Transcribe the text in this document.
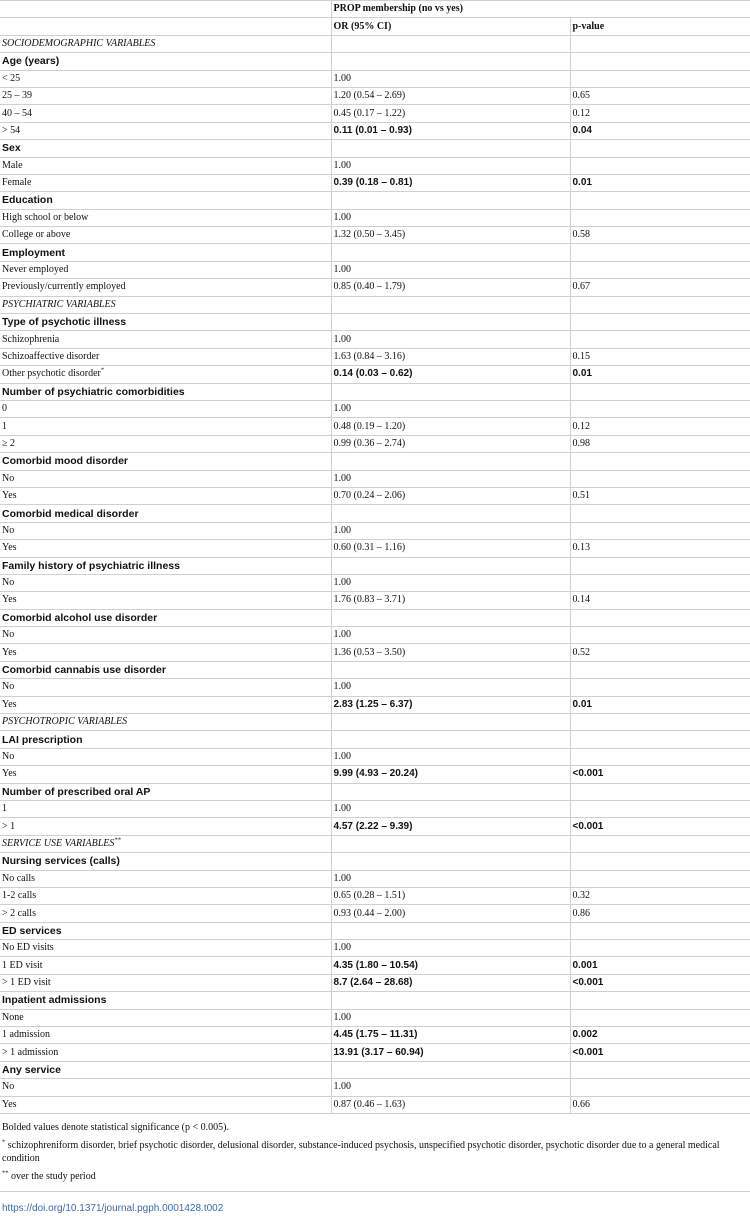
	PROP membership (no vs yes)	
	OR (95% CI)	p-value
SOCIODEMOGRAPHIC VARIABLES		
Age (years)		
< 25	1.00	
25 – 39	1.20 (0.54 – 2.69)	0.65
40 – 54	0.45 (0.17 – 1.22)	0.12
> 54	0.11 (0.01 – 0.93)	0.04
Sex		
Male	1.00	
Female	0.39 (0.18 – 0.81)	0.01
Education		
High school or below	1.00	
College or above	1.32 (0.50 – 3.45)	0.58
Employment		
Never employed	1.00	
Previously/currently employed	0.85 (0.40 – 1.79)	0.67
PSYCHIATRIC VARIABLES		
Type of psychotic illness		
Schizophrenia	1.00	
Schizoaffective disorder	1.63 (0.84 – 3.16)	0.15
Other psychotic disorder*	0.14 (0.03 – 0.62)	0.01
Number of psychiatric comorbidities		
0	1.00	
1	0.48 (0.19 – 1.20)	0.12
≥ 2	0.99 (0.36 – 2.74)	0.98
Comorbid mood disorder		
No	1.00	
Yes	0.70 (0.24 – 2.06)	0.51
Comorbid medical disorder		
No	1.00	
Yes	0.60 (0.31 – 1.16)	0.13
Family history of psychiatric illness		
No	1.00	
Yes	1.76 (0.83 – 3.71)	0.14
Comorbid alcohol use disorder		
No	1.00	
Yes	1.36 (0.53 – 3.50)	0.52
Comorbid cannabis use disorder		
No	1.00	
Yes	2.83 (1.25 – 6.37)	0.01
PSYCHOTROPIC VARIABLES		
LAI prescription		
No	1.00	
Yes	9.99 (4.93 – 20.24)	<0.001
Number of prescribed oral AP		
1	1.00	
> 1	4.57 (2.22 – 9.39)	<0.001
SERVICE USE VARIABLES**		
Nursing services (calls)		
No calls	1.00	
1-2 calls	0.65 (0.28 – 1.51)	0.32
> 2 calls	0.93 (0.44 – 2.00)	0.86
ED services		
No ED visits	1.00	
1 ED visit	4.35 (1.80 – 10.54)	0.001
> 1 ED visit	8.7 (2.64 – 28.68)	<0.001
Inpatient admissions		
None	1.00	
1 admission	4.45 (1.75 – 11.31)	0.002
> 1 admission	13.91 (3.17 – 60.94)	<0.001
Any service		
No	1.00	
Yes	0.87 (0.46 – 1.63)	0.66

Bolded values denote statistical significance (p < 0.005).

* schizophreniform disorder, brief psychotic disorder, delusional disorder, substance-induced psychosis, unspecified psychotic disorder, psychotic disorder due to a general medical condition

** over the study period

https://doi.org/10.1371/journal.pgph.0001428.t002
